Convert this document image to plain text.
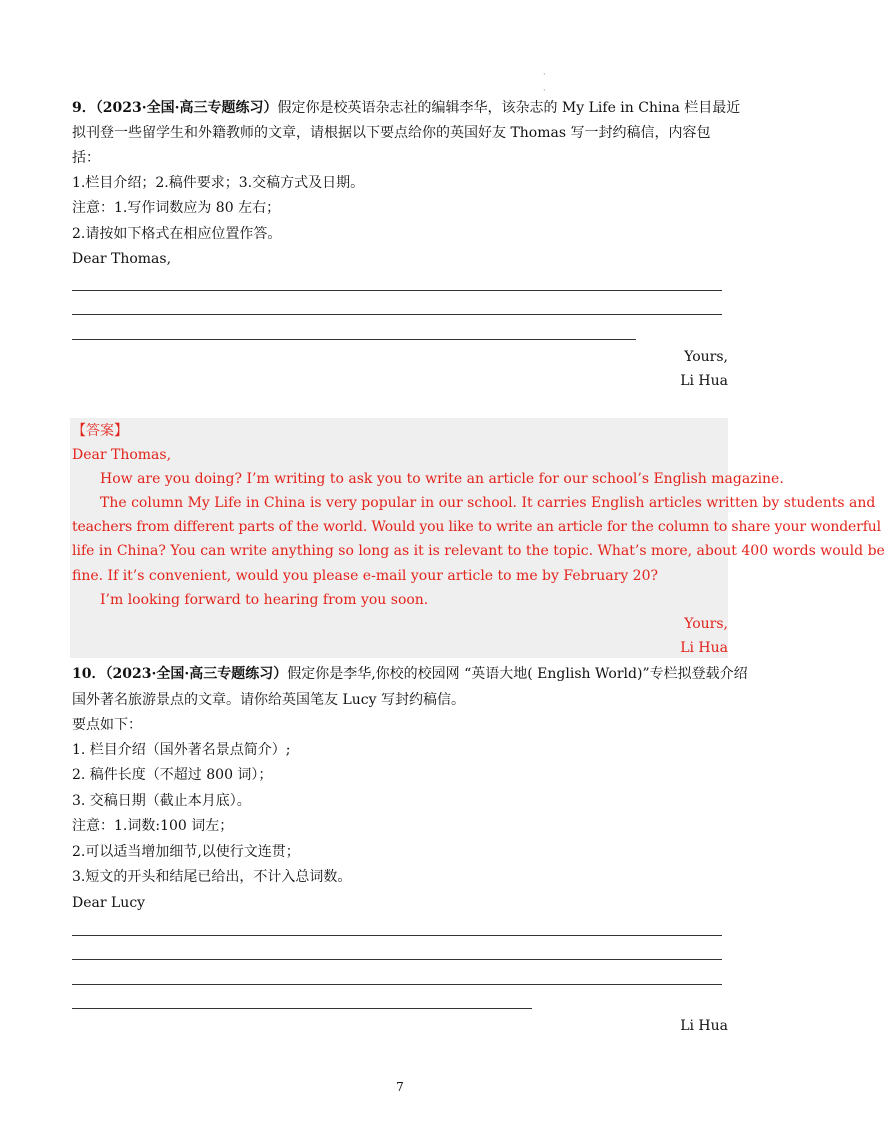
·
·
9．（2023·全国·高三专题练习）假定你是校英语杂志社的编辑李华，该杂志的 My Life in China 栏目最近
拟刊登一些留学生和外籍教师的文章，请根据以下要点给你的英国好友 Thomas 写一封约稿信，内容包
括：
1.栏目介绍；2.稿件要求；3.交稿方式及日期。
注意：1.写作词数应为 80 左右；
2.请按如下格式在相应位置作答。
Dear Thomas,
Yours,
Li Hua
【答案】
Dear Thomas,
How are you doing? I’m writing to ask you to write an article for our school’s English magazine.
The column My Life in China is very popular in our school. It carries English articles written by students and
teachers from different parts of the world. Would you like to write an article for the column to share your wonderful
life in China? You can write anything so long as it is relevant to the topic. What’s more, about 400 words would be
fine. If it’s convenient, would you please e-mail your article to me by February 20?
I’m looking forward to hearing from you soon.
Yours,
Li Hua
10．（2023·全国·高三专题练习）假定你是李华,你校的校园网 “英语大地( English World)”专栏拟登载介绍
国外著名旅游景点的文章。请你给英国笔友 Lucy 写封约稿信。
要点如下：
1. 栏目介绍（国外著名景点简介）;
2. 稿件长度（不超过 800 词）；
3. 交稿日期（截止本月底）。
注意：1.词数:100 词左；
2.可以适当增加细节,以使行文连贯；
3.短文的开头和结尾已给出，不计入总词数。
Dear Lucy
Li Hua
7
